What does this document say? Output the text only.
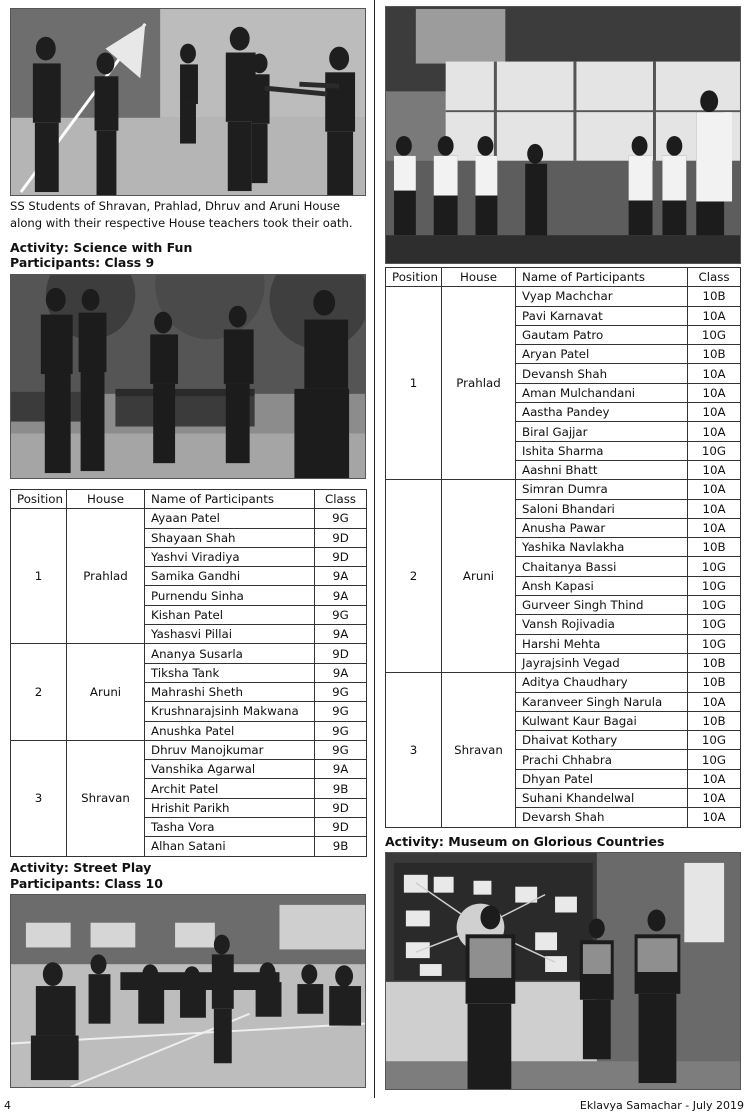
SS Students of Shravan, Prahlad, Dhruv and Aruni House along with their respective House teachers took their oath.
Activity: Science with Fun
Participants: Class 9
Position	House	Name of Participants	Class
1	Prahlad	Ayaan Patel	9G
		Shayaan Shah	9D
		Yashvi Viradiya	9D
		Samika Gandhi	9A
		Purnendu Sinha	9A
		Kishan Patel	9G
		Yashasvi Pillai	9A
2	Aruni	Ananya Susarla	9D
		Tiksha Tank	9A
		Mahrashi Sheth	9G
		Krushnarajsinh Makwana	9G
		Anushka Patel	9G
3	Shravan	Dhruv Manojkumar	9G
		Vanshika Agarwal	9A
		Archit Patel	9B
		Hrishit Parikh	9D
		Tasha Vora	9D
		Alhan Satani	9B
Activity: Street Play
Participants: Class 10
Position	House	Name of Participants	Class
1	Prahlad	Vyap Machchar	10B
		Pavi Karnavat	10A
		Gautam Patro	10G
		Aryan Patel	10B
		Devansh Shah	10A
		Aman Mulchandani	10A
		Aastha Pandey	10A
		Biral Gajjar	10A
		Ishita Sharma	10G
		Aashni Bhatt	10A
2	Aruni	Simran Dumra	10A
		Saloni Bhandari	10A
		Anusha Pawar	10A
		Yashika Navlakha	10B
		Chaitanya Bassi	10G
		Ansh Kapasi	10G
		Gurveer Singh Thind	10G
		Vansh Rojivadia	10G
		Harshi Mehta	10G
		Jayrajsinh Vegad	10B
3	Shravan	Aditya Chaudhary	10B
		Karanveer Singh Narula	10A
		Kulwant Kaur Bagai	10B
		Dhaivat Kothary	10G
		Prachi Chhabra	10G
		Dhyan Patel	10A
		Suhani Khandelwal	10A
		Devarsh Shah	10A
Activity: Museum on Glorious Countries
4	Eklavya Samachar - July 2019
